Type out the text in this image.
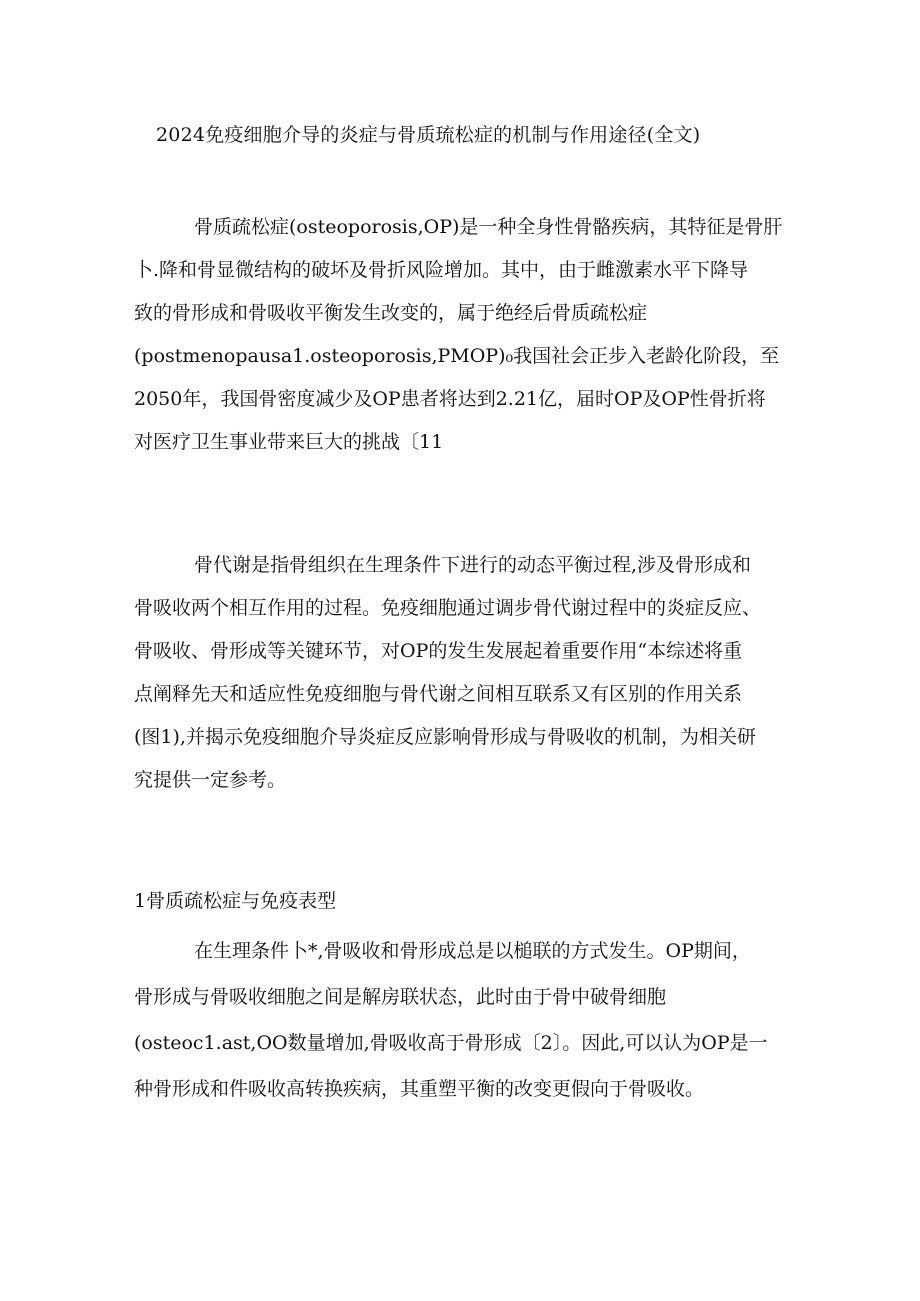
2024免疫细胞介导的炎症与骨质琉松症的机制与作用途径(全文)
骨质疏松症(osteoporosis,OP)是一种全身性骨骼疾病，其特征是骨肝
卜.降和骨显微结构的破坏及骨折风险增加。其中，由于雌激素水平下降导
致的骨形成和骨吸收平衡发生改变的，属于绝经后骨质疏松症
(postmenopausa1.osteoporosis,PMOP)₀我国社会正步入老龄化阶段，至
2050年，我国骨密度减少及OP患者将达到2.21亿，届时OP及OP性骨折将
对医疗卫生事业带来巨大的挑战〔11
骨代谢是指骨组织在生理条件下进行的动态平衡过程,涉及骨形成和
骨吸收两个相互作用的过程。免疫细胞通过调步骨代谢过程中的炎症反应、
骨吸收、骨形成等关键环节，对OP的发生发展起着重要作用“本综述将重
点阐释先天和适应性免疫细胞与骨代谢之间相互联系又有区别的作用关系
(图1),并揭示免疫细胞介导炎症反应影响骨形成与骨吸收的机制，为相关研
究提供一定参考。
1骨质疏松症与免疫表型
在生理条件卜*,骨吸收和骨形成总是以槌联的方式发生。OP期间，
骨形成与骨吸收细胞之间是解房联状态，此时由于骨中破骨细胞
(osteoc1.ast,OO数量增加,骨吸收髙于骨形成〔2〕。因此,可以认为OP是一
种骨形成和件吸收高转换疾病，其重塑平衡的改变更假向于骨吸收。
